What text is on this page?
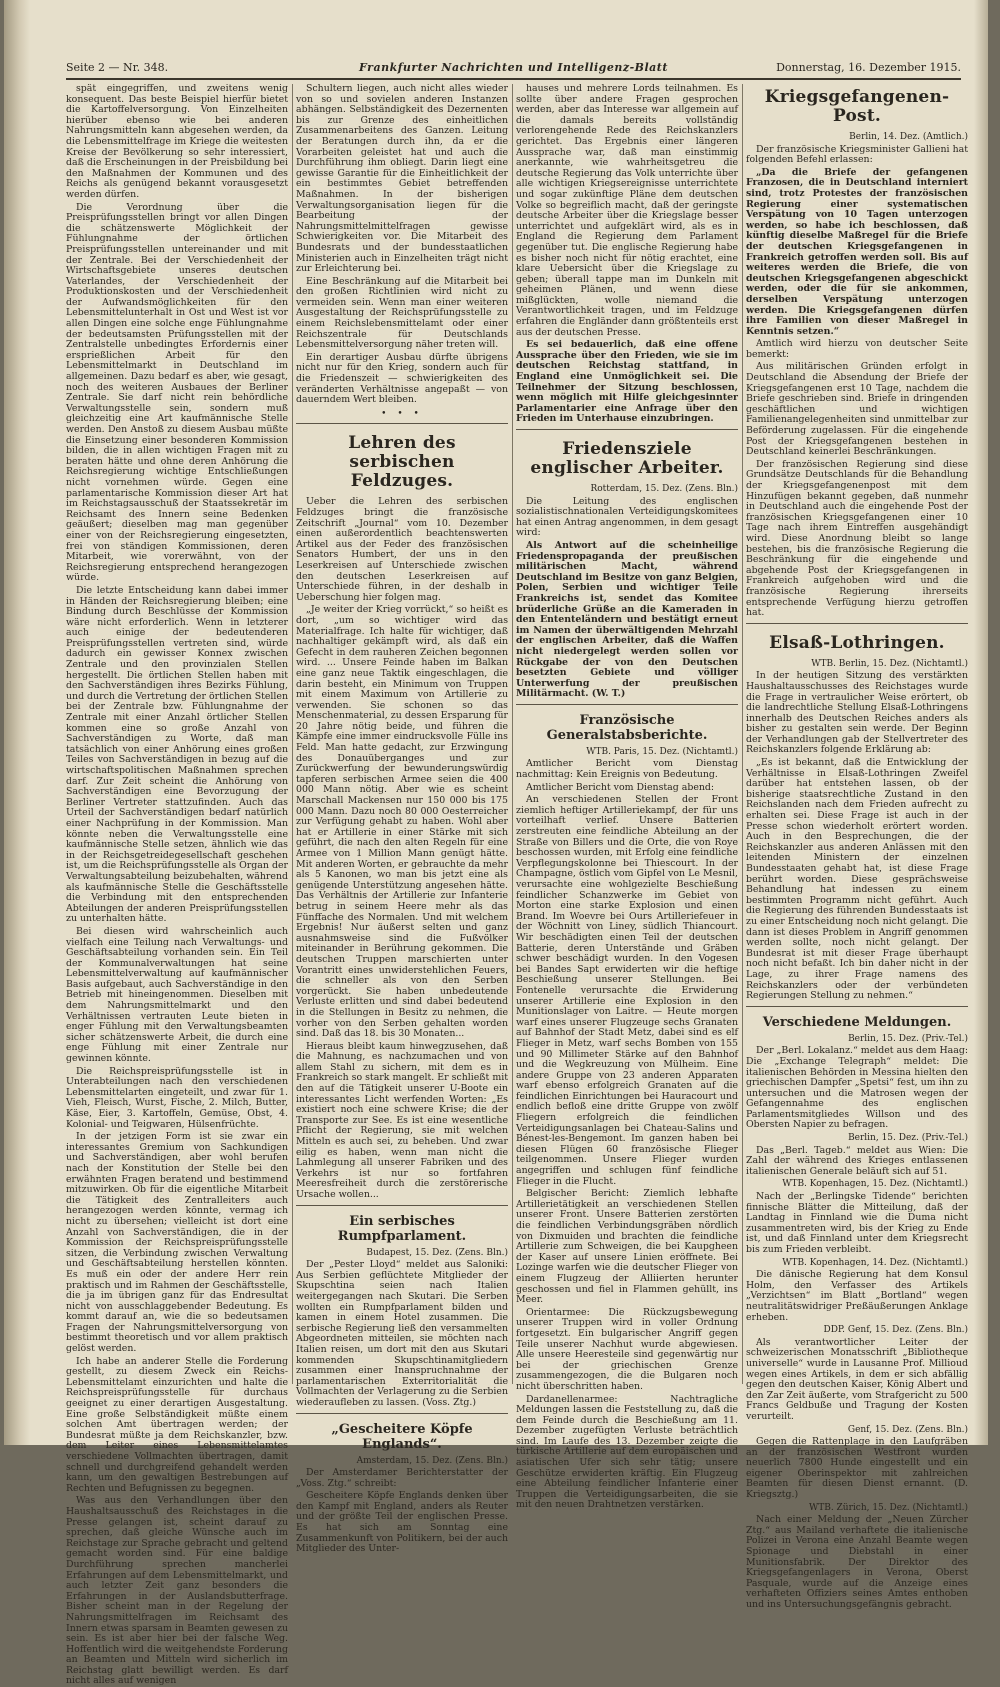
Seite 2 — Nr. 348.	Frankfurter Nachrichten und Intelligenz-Blatt	Donnerstag, 16. Dezember 1915.

spät eingegriffen, und zweitens wenig konsequent. Das beste Beispiel hierfür bietet die Kartoffelversorgung. Von Einzelheiten hierüber ebenso wie bei anderen Nahrungsmitteln kann abgesehen werden, da die Lebensmittelfrage im Kriege die weitesten Kreise der Bevölkerung so sehr interessiert, daß die Erscheinungen in der Preisbildung bei den Maßnahmen der Kommunen und des Reichs als genügend bekannt vorausgesetzt werden dürfen.

Die Verordnung über die Preisprüfungsstellen bringt vor allen Dingen die schätzenswerte Möglichkeit der Fühlungnahme der örtlichen Preisprüfungsstellen untereinander und mit der Zentrale. Bei der Verschiedenheit der Wirtschaftsgebiete unseres deutschen Vaterlandes, der Verschiedenheit der Produktionskosten und der Verschiedenheit der Aufwandsmöglichkeiten für den Lebensmittelunterhalt in Ost und West ist vor allen Dingen eine solche enge Fühlungnahme der bedeutsamsten Prüfungsstellen mit der Zentralstelle unbedingtes Erfordernis einer ersprießlichen Arbeit für den Lebensmittelmarkt in Deutschland im allgemeinen. Dazu bedarf es aber, wie gesagt, noch des weiteren Ausbaues der Berliner Zentrale. Sie darf nicht rein behördliche Verwaltungsstelle sein, sondern muß gleichzeitig eine Art kaufmännische Stelle werden. Den Anstoß zu diesem Ausbau müßte die Einsetzung einer besonderen Kommission bilden, die in allen wichtigen Fragen mit zu beraten hätte und ohne deren Anhörung die Reichsregierung wichtige Entschließungen nicht vornehmen würde. Gegen eine parlamentarische Kommission dieser Art hat im Reichstagsausschuß der Staatssekretär im Reichsamt des Innern seine Bedenken geäußert; dieselben mag man gegenüber einer von der Reichsregierung eingesetzten, frei von ständigen Kommissionen, deren Mitarbeit, wie vorerwähnt, von der Reichsregierung entsprechend herangezogen würde.

Die letzte Entscheidung kann dabei immer in Händen der Reichsregierung bleiben; eine Bindung durch Beschlüsse der Kommission wäre nicht erforderlich. Wenn in letzterer auch einige der bedeutenderen Preisprüfungsstellen vertreten sind, würde dadurch ein gewisser Konnex zwischen Zentrale und den provinzialen Stellen hergestellt. Die örtlichen Stellen haben mit den Sachverständigen ihres Bezirks Fühlung, und durch die Vertretung der örtlichen Stellen bei der Zentrale bzw. Fühlungnahme der Zentrale mit einer Anzahl örtlicher Stellen kommen eine so große Anzahl von Sachverständigen zu Worte, daß man tatsächlich von einer Anhörung eines großen Teiles von Sachverständigen in bezug auf die wirtschaftspolitischen Maßnahmen sprechen darf. Zur Zeit scheint die Anhörung von Sachverständigen eine Bevorzugung der Berliner Vertreter stattzufinden. Auch das Urteil der Sachverständigen bedarf natürlich einer Nachprüfung in der Kommission. Man könnte neben die Verwaltungsstelle eine kaufmännische Stelle setzen, ähnlich wie das in der Reichsgetreidegesellschaft geschehen ist, um die Reichsprüfungsstelle als Organ der Verwaltungsabteilung beizubehalten, während als kaufmännische Stelle die Geschäftsstelle die Verbindung mit den entsprechenden Abteilungen der anderen Preisprüfungsstellen zu unterhalten hätte.

Bei diesen wird wahrscheinlich auch vielfach eine Teilung nach Verwaltungs- und Geschäftsabteilung vorhanden sein. Ein Teil der Kommunalverwaltungen hat seine Lebensmittelverwaltung auf kaufmännischer Basis aufgebaut, auch Sachverständige in den Betrieb mit hineingenommen. Dieselben mit dem Nahrungsmittelmarkt und den Verhältnissen vertrauten Leute bieten in enger Fühlung mit den Verwaltungsbeamten sicher schätzenswerte Arbeit, die durch eine enge Fühlung mit einer Zentrale nur gewinnen könnte.

Die Reichspreisprüfungsstelle ist in Unterabteilungen nach den verschiedenen Lebensmittelarten eingeteilt, und zwar für 1. Vieh, Fleisch, Wurst, Fische, 2. Milch, Butter, Käse, Eier, 3. Kartoffeln, Gemüse, Obst, 4. Kolonial- und Teigwaren, Hülsenfrüchte.

In der jetzigen Form ist sie zwar ein interessantes Gremium von Sachkundigen und Sachverständigen, aber wohl berufen nach der Konstitution der Stelle bei den erwähnten Fragen beratend und bestimmend mitzuwirken. Ob für die eigentliche Mitarbeit die Tätigkeit des Zentralleiters auch herangezogen werden könnte, vermag ich nicht zu übersehen; vielleicht ist dort eine Anzahl von Sachverständigen, die in der Kommission der Reichspreisprüfungsstelle sitzen, die Verbindung zwischen Verwaltung und Geschäftsabteilung herstellen könnten. Es muß ein oder der andere Herr rein praktisch und im Rahmen der Geschäftsstelle, die ja im übrigen ganz für das Endresultat nicht von ausschlaggebender Bedeutung. Es kommt darauf an, wie die so bedeutsamen Fragen der Nahrungsmittelversorgung von bestimmt theoretisch und vor allem praktisch gelöst werden.

Ich habe an anderer Stelle die Forderung gestellt, zu diesem Zweck ein Reichs-Lebensmittelamt einzurichten und halte die Reichspreisprüfungsstelle für durchaus geeignet zu einer derartigen Ausgestaltung. Eine große Selbständigkeit müßte einem solchen Amt übertragen werden; der Bundesrat müßte ja dem Reichskanzler, bzw. dem Leiter eines Lebensmittelamtes verschiedene Vollmachten übertragen, damit schnell und durchgreifend gehandelt werden kann, um den gewaltigen Bestrebungen auf Rechten und Befugnissen zu begegnen.

Was aus den Verhandlungen über den Haushaltsausschuß des Reichstages in die Presse gelangen ist, scheint darauf zu sprechen, daß gleiche Wünsche auch im Reichstage zur Sprache gebracht und geltend gemacht worden sind. Für eine baldige Durchführung sprechen mancherlei Erfahrungen auf dem Lebensmittelmarkt, und auch letzter Zeit ganz besonders die Erfahrungen in der Auslandsbutterfrage. Bisher scheint man in der Regelung der Nahrungsmittelfragen im Reichsamt des Innern etwas sparsam in Beamten gewesen zu sein. Es ist aber hier bei der falsche Weg. Hoffentlich wird die weitgehendste Forderung an Beamten und Mitteln wird sicherlich im Reichstag glatt bewilligt werden. Es darf nicht alles auf wenigen

Schultern liegen, auch nicht alles wieder von so und sovielen anderen Instanzen abhängen. Selbständigkeit des Dezernenten bis zur Grenze des einheitlichen Zusammenarbeitens des Ganzen. Leitung der Beratungen durch ihn, da er die Vorarbeiten geleistet hat und auch die Durchführung ihm obliegt. Darin liegt eine gewisse Garantie für die Einheitlichkeit der ein bestimmtes Gebiet betreffenden Maßnahmen. In der bisherigen Verwaltungsorganisation liegen für die Bearbeitung der Nahrungsmittelmittelfragen gewisse Schwierigkeiten vor. Die Mitarbeit des Bundesrats und der bundesstaatlichen Ministerien auch in Einzelheiten trägt nicht zur Erleichterung bei.

Eine Beschränkung auf die Mitarbeit bei den großen Richtlinien wird nicht zu vermeiden sein. Wenn man einer weiteren Ausgestaltung der Reichsprüfungsstelle zu einem Reichslebensmittelamt oder einer Reichszentrale für Deutschlands Lebensmittelversorgung näher treten will.

Ein derartiger Ausbau dürfte übrigens nicht nur für den Krieg, sondern auch für die Friedenszeit — schwierigkeiten des veränderten Verhältnisse angepaßt — von dauerndem Wert bleiben.

• • •
Lehren des serbischen Feldzuges.

Ueber die Lehren des serbischen Feldzuges bringt die französische Zeitschrift „Journal“ vom 10. Dezember einen außerordentlich beachtenswerten Artikel aus der Feder des französischen Senators Humbert, der uns in den Leserkreisen auf Unterschiede zwischen den deutschen Leserkreisen auf Unterschiede führen, in der deshalb in Ueberschung hier folgen mag.

„Je weiter der Krieg vorrückt,“ so heißt es dort, „um so wichtiger wird das Materialfrage. Ich halte für wichtiger, daß nachhaltiger gekämpft wird, als daß ein Gefecht in dem rauheren Zeichen begonnen wird. ... Unsere Feinde haben im Balkan eine ganz neue Taktik eingeschlagen, die darin besteht, ein Minimum von Truppen mit einem Maximum von Artillerie zu verwenden. Sie schonen so das Menschenmaterial, zu dessen Ersparung für 20 Jahre nötig beide, und führen die Kämpfe eine immer eindrucksvolle Fülle ins Feld. Man hatte gedacht, zur Erzwingung des Donauüberganges und zur Zurückwerfung der bewunderungswürdig tapferen serbischen Armee seien die 400 000 Mann nötig. Aber wie es scheint Marschall Mackensen nur 150 000 bis 175 000 Mann. Dazu noch 80 000 Oesterreicher zur Verfügung gehabt zu haben. Wohl aber hat er Artillerie in einer Stärke mit sich geführt, die nach den alten Regeln für eine Armee von 1 Million Mann genügt hätte. Mit anderen Worten, er gebrauchte da mehr als 5 Kanonen, wo man bis jetzt eine als genügende Unterstützung angesehen hätte. Das Verhältnis der Artillerie zur Infanterie betrug in seinem Heere mehr als das Fünffache des Normalen. Und mit welchem Ergebnis! Nur äußerst selten und ganz ausnahmsweise sind die Fußvölker miteinander in Berührung gekommen. Die deutschen Truppen marschierten unter Vorantritt eines unwiderstehlichen Feuers, die schneller als von den Serben vorgerückt. Sie haben unbedeutende Verluste erlitten und sind dabei bedeutend in die Stellungen in Besitz zu nehmen, die vorher von den Serben gehalten worden sind. Daß das 18. bis 30 Monaten...

Hieraus bleibt kaum hinwegzusehen, daß die Mahnung, es nachzumachen und von allem Stahl zu sichern, mit dem es in Frankreich so stark mangelt. Er schließt mit den auf die Tätigkeit unserer U-Boote ein interessantes Licht werfenden Worten: „Es existiert noch eine schwere Krise; die der Transporte zur See. Es ist eine wesentliche Pflicht der Regierung, sie mit welchen Mitteln es auch sei, zu beheben. Und zwar eilig es haben, wenn man nicht die Lahmlegung all unserer Fabriken und des Verkehrs ist nur so fortfahren Meeresfreiheit durch die zerstörerische Ursache wollen...

Ein serbisches Rumpfparlament.
Budapest, 15. Dez. (Zens. Bln.)

Der „Pester Lloyd“ meldet aus Saloniki: Aus Serbien geflüchtete Mitglieder der Skupschtina seien nach Italien weitergegangen nach Skutari. Die Serben wollten ein Rumpfparlament bilden und kamen in einem Hotel zusammen. Die serbische Regierung ließ den versammelten Abgeordneten mitteilen, sie möchten nach Italien reisen, um dort mit den aus Skutari kommenden Skupschtinamitgliedern zusammen einer Inanspruchnahme der parlamentarischen Exterritorialität die Vollmachten der Verlagerung zu die Serbien wiederaufleben zu lassen. (Voss. Ztg.)

„Gescheitere Köpfe Englands“.
Amsterdam, 15. Dez. (Zens. Bln.)

Der Amsterdamer Berichterstatter der „Voss. Ztg.“ schreibt:

Gescheitere Köpfe Englands denken über den Kampf mit England, anders als Reuter und der größte Teil der englischen Presse. Es hat sich am Sonntag eine Zusammenkunft von Politikern, bei der auch Mitglieder des Unter-

hauses und mehrere Lords teilnahmen. Es sollte über andere Fragen gesprochen werden, aber das Interesse war allgemein auf die damals bereits vollständig verlorengehende Rede des Reichskanzlers gerichtet. Das Ergebnis einer längeren Aussprache war, daß man einstimmig anerkannte, wie wahrheitsgetreu die deutsche Regierung das Volk unterrichte über alle wichtigen Kriegsereignisse unterrichtete und sogar zukünftige Pläne dem deutschen Volke so begreiflich macht, daß der geringste deutsche Arbeiter über die Kriegslage besser unterrichtet und aufgeklärt wird, als es in England die Regierung dem Parlament gegenüber tut. Die englische Regierung habe es bisher noch nicht für nötig erachtet, eine klare Uebersicht über die Kriegslage zu geben; überall tappe man im Dunkeln mit geheimen Plänen, und wenn diese mißglückten, wolle niemand die Verantwortlichkeit tragen, und im Feldzuge erfahren die Engländer dann größtenteils erst aus der deutschen Presse.

Es sei bedauerlich, daß eine offene Aussprache über den Frieden, wie sie im deutschen Reichstag stattfand, in England eine Unmöglichkeit sei. Die Teilnehmer der Sitzung beschlossen, wenn möglich mit Hilfe gleichgesinnter Parlamentarier eine Anfrage über den Frieden im Unterhause einzubringen.

Friedensziele englischer Arbeiter.
Rotterdam, 15. Dez. (Zens. Bln.)

Die Leitung des englischen sozialistischnationalen Verteidigungskomitees hat einen Antrag angenommen, in dem gesagt wird:

Als Antwort auf die scheinheilige Friedenspropaganda der preußischen militärischen Macht, während Deutschland im Besitze von ganz Belgien, Polen, Serbien und wichtiger Teile Frankreichs ist, sendet das Komitee brüderliche Grüße an die Kameraden in den Ententeländern und bestätigt erneut im Namen der überwältigenden Mehrzahl der englischen Arbeiter, daß die Waffen nicht niedergelegt werden sollen vor Rückgabe der von den Deutschen besetzten Gebiete und völliger Unterwerfung der preußischen Militärmacht. (W. T.)

Französische Generalstabsberichte.
WTB. Paris, 15. Dez. (Nichtamtl.)

Amtlicher Bericht vom Dienstag nachmittag: Kein Ereignis von Bedeutung.

Amtlicher Bericht vom Dienstag abend:

An verschiedenen Stellen der Front ziemlich heftiger Artilleriekampf, der für uns vorteilhaft verlief. Unsere Batterien zerstreuten eine feindliche Abteilung an der Straße von Billers und die Orte, die von Roye beschossen wurden, mit Erfolg eine feindliche Verpflegungskolonne bei Thiescourt. In der Champagne, östlich vom Gipfel von Le Mesnil, verursachte eine wohlgezielte Beschießung feindlicher Schanzwerke im Gebiet von Morton eine starke Explosion und einen Brand. Im Woevre bei Ours Artilleriefeuer in der Wöchnitt von Liney, südlich Thiancourt. Wir beschädigten einen Teil der deutschen Batterie, deren Unterstände und Gräben schwer beschädigt wurden. In den Vogesen bei Bandes Sapt erwiderten wir die heftige Beschießung unserer Stellungen. Bei Fontenelle verursachte die Erwiderung unserer Artillerie eine Explosion in den Munitionslager von Laitre. — Heute morgen warf eines unserer Flugzeuge sechs Granaten auf Bahnhof der Stadt Metz, dabei sind es elf Flieger in Metz, warf sechs Bomben von 155 und 90 Millimeter Stärke auf den Bahnhof und die Wegkreuzung von Mülheim. Eine andere Gruppe von 23 anderen Apparaten warf ebenso erfolgreich Granaten auf die feindlichen Einrichtungen bei Hauracourt und endlich befloß eine dritte Gruppe von zwölf Fliegern erfolgreich die feindlichen Verteidigungsanlagen bei Chateau-Salins und Bénest-les-Bengemont. Im ganzen haben bei diesen Flügen 60 französische Flieger teilgenommen. Unsere Flieger wurden angegriffen und schlugen fünf feindliche Flieger in die Flucht.

Belgischer Bericht: Ziemlich lebhafte Artillerietätigkeit an verschiedenen Stellen unserer Front. Unsere Batterien zerstörten die feindlichen Verbindungsgräben nördlich von Dixmuiden und brachten die feindliche Artillerie zum Schweigen, die bei Kaupgheen der Kaser auf unsere Linien eröffnete. Bei Lozinge warfen wie die deutscher Flieger von einem Flugzeug der Alliierten herunter geschossen und fiel in Flammen gehüllt, ins Meer.

Orientarmee: Die Rückzugsbewegung unserer Truppen wird in voller Ordnung fortgesetzt. Ein bulgarischer Angriff gegen Teile unserer Nachhut wurde abgewiesen. Alle unsere Heeresteile sind gegenwärtig nur bei der griechischen Grenze zusammengezogen, die die Bulgaren noch nicht überschritten haben.

Dardanellenarmee: Nachtragliche Meldungen lassen die Feststellung zu, daß die dem Feinde durch die Beschießung am 11. Dezember zugefügten Verluste beträchtlich sind. Im Laufe des 13. Dezember zeigte die türkische Artillerie auf dem europäischen und asiatischen Ufer sich sehr tätig; unsere Geschütze erwiderten kräftig. Ein Flugzeug eine Abteilung feindlicher Infanterie einer Truppen die Verteidigungsarbeiten, die sie mit den neuen Drahtnetzen verstärken.

Kriegsgefangenen-Post.
Berlin, 14. Dez. (Amtlich.)

Der französische Kriegsminister Gallieni hat folgenden Befehl erlassen:

„Da die Briefe der gefangenen Franzosen, die in Deutschland interniert sind, trotz Protestes der französischen Regierung einer systematischen Verspätung von 10 Tagen unterzogen werden, so habe ich beschlossen, daß künftig dieselbe Maßregel für die Briefe der deutschen Kriegsgefangenen in Frankreich getroffen werden soll. Bis auf weiteres werden die Briefe, die von deutschen Kriegsgefangenen abgeschickt werden, oder die für sie ankommen, derselben Verspätung unterzogen werden. Die Kriegsgefangenen dürfen ihre Familien von dieser Maßregel in Kenntnis setzen.“

Amtlich wird hierzu von deutscher Seite bemerkt:

Aus militärischen Gründen erfolgt in Deutschland die Absendung der Briefe der Kriegsgefangenen erst 10 Tage, nachdem die Briefe geschrieben sind. Briefe in dringenden geschäftlichen und wichtigen Familienangelegenheiten sind unmittelbar zur Beförderung zugelassen. Für die eingehende Post der Kriegsgefangenen bestehen in Deutschland keinerlei Beschränkungen.

Der französischen Regierung sind diese Grundsätze Deutschlands für die Behandlung der Kriegsgefangenenpost mit dem Hinzufügen bekannt gegeben, daß nunmehr in Deutschland auch die eingehende Post der französischen Kriegsgefangenen einer 10 Tage nach ihrem Eintreffen ausgehändigt wird. Diese Anordnung bleibt so lange bestehen, bis die französische Regierung die Beschränkung für die eingehende und abgehende Post der Kriegsgefangenen in Frankreich aufgehoben wird und die französische Regierung ihrerseits entsprechende Verfügung hierzu getroffen hat.

Elsaß-Lothringen.
WTB. Berlin, 15. Dez. (Nichtamtl.)

In der heutigen Sitzung des verstärkten Haushaltausschusses des Reichstages wurde die Frage in vertraulicher Weise erörtert, ob die landrechtliche Stellung Elsaß-Lothringens innerhalb des Deutschen Reiches anders als bisher zu gestalten sein werde. Der Beginn der Verhandlungen gab der Stellvertreter des Reichskanzlers folgende Erklärung ab:

„Es ist bekannt, daß die Entwicklung der Verhältnisse in Elsaß-Lothringen Zweifel darüber hat entstehen lassen, ob der bisherige staatsrechtliche Zustand in den Reichslanden nach dem Frieden aufrecht zu erhalten sei. Diese Frage ist auch in der Presse schon wiederholt erörtert worden. Auch in den Besprechungen, die der Reichskanzler aus anderen Anlässen mit den leitenden Ministern der einzelnen Bundesstaaten gehabt hat, ist diese Frage berührt worden. Diese gesprächsweise Behandlung hat indessen zu einem bestimmten Programm nicht geführt. Auch die Regierung des führenden Bundesstaats ist zu einer Entscheidung noch nicht gelangt. Die dann ist dieses Problem in Angriff genommen werden sollte, noch nicht gelangt. Der Bundesrat ist mit dieser Frage überhaupt noch nicht befaßt. Ich bin daher nicht in der Lage, zu ihrer Frage namens des Reichskanzlers oder der verbündeten Regierungen Stellung zu nehmen.“

Verschiedene Meldungen.
Berlin, 15. Dez. (Priv.-Tel.)

Der „Berl. Lokalanz.“ meldet aus dem Haag: Die „Exchange Telegraph“ meldet: Die italienischen Behörden in Messina hielten den griechischen Dampfer „Spetsi“ fest, um ihn zu untersuchen und die Matrosen wegen der Gefangennahme des englischen Parlamentsmitgliedes Willson und des Obersten Napier zu befragen.

Berlin, 15. Dez. (Priv.-Tel.)

Das „Berl. Tageb.“ meldet aus Wien: Die Zahl der während des Krieges entlassenen italienischen Generale beläuft sich auf 51.

WTB. Kopenhagen, 15. Dez. (Nichtamtl.)

Nach der „Berlingske Tidende“ berichten finnische Blätter die Mitteilung, daß der Landtag in Finnland wie die Duma nicht zusammentreten wird, bis der Krieg zu Ende ist, und daß Finnland unter dem Kriegsrecht bis zum Frieden verbleibt.

WTB. Kopenhagen, 14. Dez. (Nichtamtl.)

Die dänische Regierung hat dem Konsul Holm, den Verfasser des Artikels „Verzichtsen“ im Blatt „Bortland“ wegen neutralitätswidriger Preßäußerungen Anklage erheben.

DDP. Genf, 15. Dez. (Zens. Bln.)

Als verantwortlicher Leiter der schweizerischen Monatsschrift „Bibliotheque universelle“ wurde in Lausanne Prof. Millioud wegen eines Artikels, in dem er sich abfällig gegen den deutschen Kaiser, König Albert und den Zar Zeit äußerte, vom Strafgericht zu 500 Francs Geldbuße und Tragung der Kosten verurteilt.

Genf, 15. Dez. (Zens. Bln.)

Gegen die Rattenplage in den Laufgräben an der französischen Westfront wurden neuerlich 7800 Hunde eingestellt und ein eigener Oberinspektor mit zahlreichen Beamten für diesen Dienst ernannt. (D. Kriegsztg.)

WTB. Zürich, 15. Dez. (Nichtamtl.)

Nach einer Meldung der „Neuen Zürcher Ztg.“ aus Mailand verhaftete die italienische Polizei in Verona eine Anzahl Beamte wegen Spionage und Diebstahl in einer Munitionsfabrik. Der Direktor des Kriegsgefangenlagers in Verona, Oberst Pasquale, wurde auf die Anzeige eines verhafteten Offiziers seines Amtes enthoben und ins Untersuchungsgefängnis gebracht.
